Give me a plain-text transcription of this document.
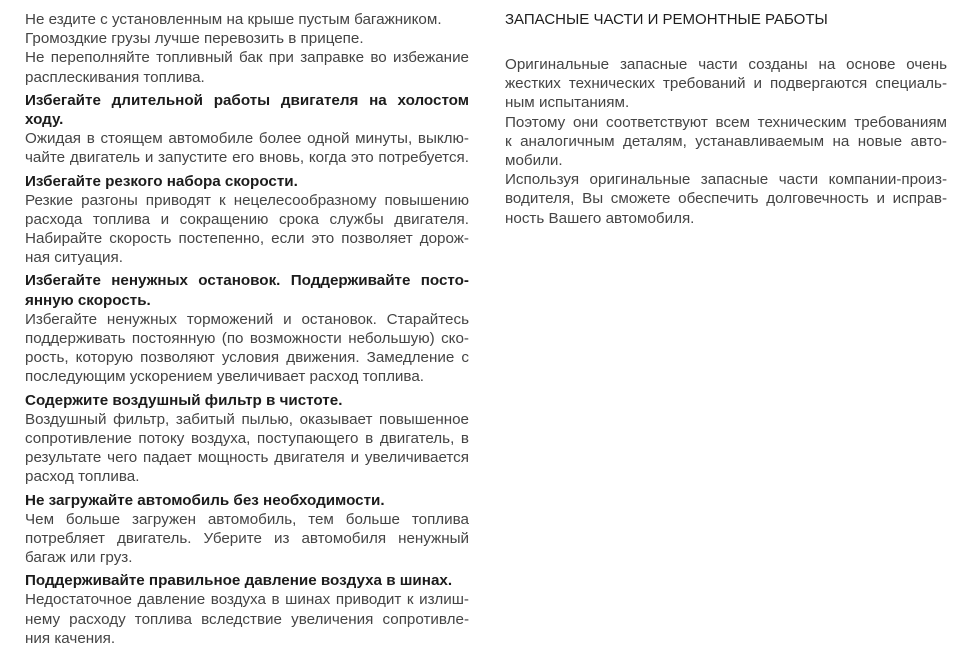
Не ездите с установленным на крыше пустым багажником.
Громоздкие грузы лучше перевозить в прицепе.
Не переполняйте топливный бак при заправке во избежание
расплескивания топлива.
Избегайте длительной работы двигателя на холостом
ходу.
Ожидая в стоящем автомобиле более одной минуты, выклю-
чайте двигатель и запустите его вновь, когда это потребуется.
Избегайте резкого набора скорости.
Резкие разгоны приводят к нецелесообразному повышению
расхода топлива и сокращению срока службы двигателя.
Набирайте скорость постепенно, если это позволяет дорож-
ная ситуация.
Избегайте ненужных остановок. Поддерживайте посто-
янную скорость.
Избегайте ненужных торможений и остановок. Старайтесь
поддерживать постоянную (по возможности небольшую) ско-
рость, которую позволяют условия движения. Замедление с
последующим ускорением увеличивает расход топлива.
Содержите воздушный фильтр в чистоте.
Воздушный фильтр, забитый пылью, оказывает повышенное
сопротивление потоку воздуха, поступающего в двигатель, в
результате чего падает мощность двигателя и увеличивается
расход топлива.
Не загружайте автомобиль без необходимости.
Чем больше загружен автомобиль, тем больше топлива
потребляет двигатель. Уберите из автомобиля ненужный
багаж или груз.
Поддерживайте правильное давление воздуха в шинах.
Недостаточное давление воздуха в шинах приводит к излиш-
нему расходу топлива вследствие увеличения сопротивле-
ния качения.
ЗАПАСНЫЕ ЧАСТИ И РЕМОНТНЫЕ РАБОТЫ
Оригинальные запасные части созданы на основе очень
жестких технических требований и подвергаются специаль-
ным испытаниям.
Поэтому они соответствуют всем техническим требованиям
к аналогичным деталям, устанавливаемым на новые авто-
мобили.
Используя оригинальные запасные части компании-произ-
водителя, Вы сможете обеспечить долговечность и исправ-
ность Вашего автомобиля.
